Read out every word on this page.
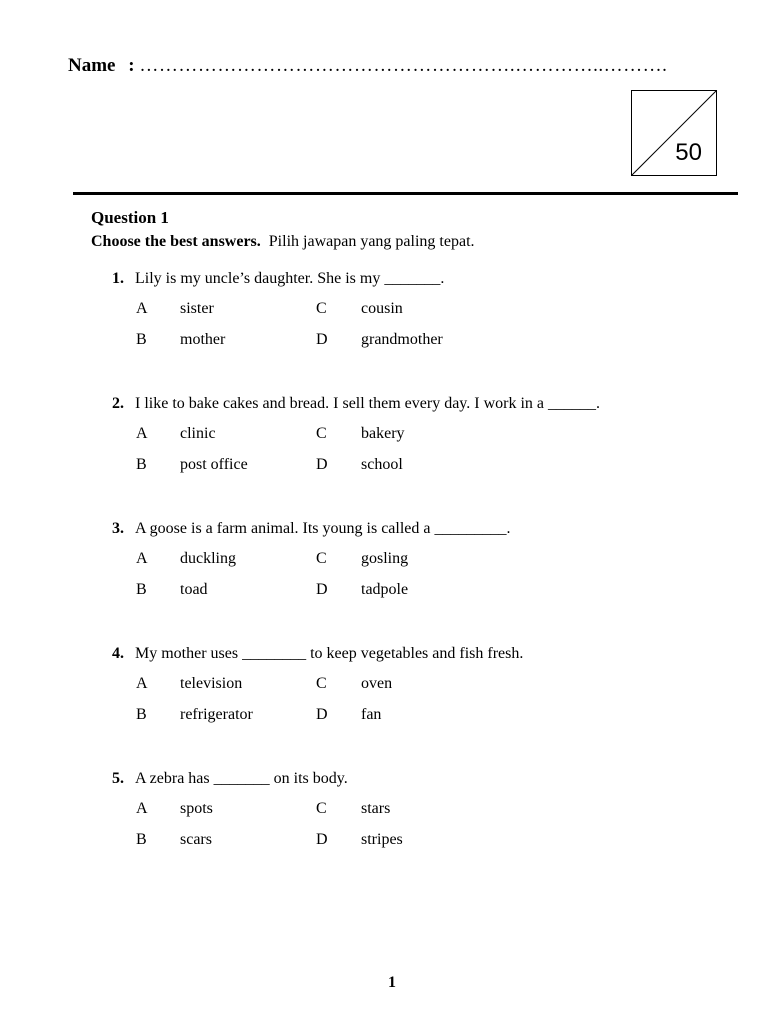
Name : ………………………………………………….…………..……….
50
Question 1
Choose the best answers. Pilih jawapan yang paling tepat.
1. Lily is my uncle’s daughter. She is my _______.
A sister	C cousin
B mother	D grandmother
2. I like to bake cakes and bread. I sell them every day. I work in a ______.
A clinic	C bakery
B post office	D school
3. A goose is a farm animal. Its young is called a _________.
A duckling	C gosling
B toad	D tadpole
4. My mother uses ________ to keep vegetables and fish fresh.
A television	C oven
B refrigerator	D fan
5. A zebra has _______ on its body.
A spots	C stars
B scars	D stripes
1
